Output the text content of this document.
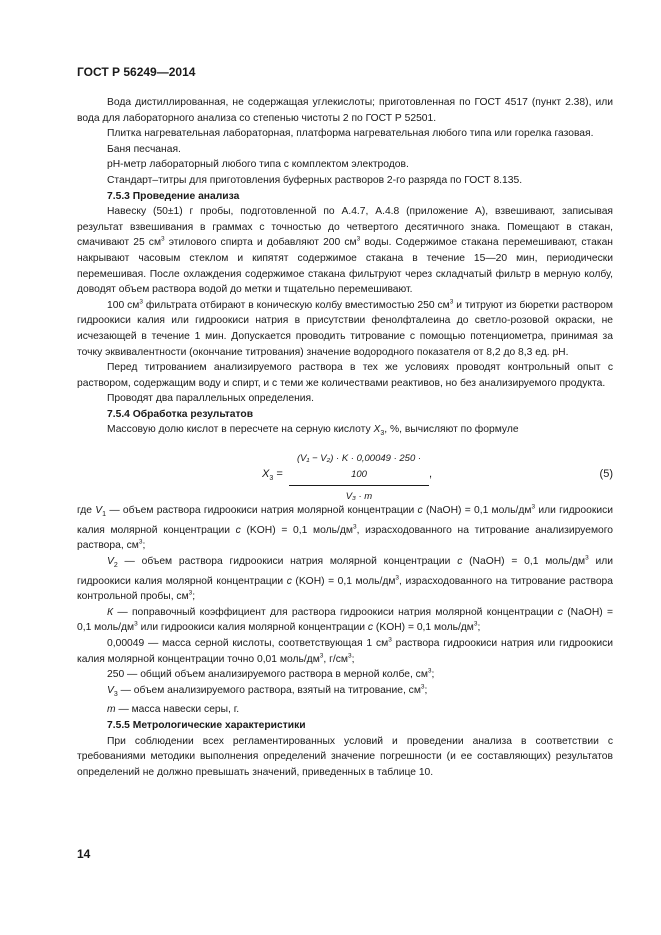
ГОСТ Р 56249—2014

Вода дистиллированная, не содержащая углекислоты; приготовленная по ГОСТ 4517 (пункт 2.38), или вода для лабораторного анализа со степенью чистоты 2 по ГОСТ Р 52501.

Плитка нагревательная лабораторная, платформа нагревательная любого типа или горелка газовая.

Баня песчаная.

pH-метр лабораторный любого типа с комплектом электродов.

Стандарт–титры для приготовления буферных растворов 2-го разряда по ГОСТ 8.135.

7.5.3 Проведение анализа

Навеску (50±1) г пробы, подготовленной по А.4.7, А.4.8 (приложение А), взвешивают, записывая результат взвешивания в граммах с точностью до четвертого десятичного знака. Помещают в стакан, смачивают 25 $см^3$ этилового спирта и добавляют 200 $см^3$ воды. Содержимое стакана перемешивают, стакан накрывают часовым стеклом и кипятят содержимое стакана в течение 15—20 мин, периодически перемешивая. После охлаждения содержимое стакана фильтруют через складчатый фильтр в мерную колбу, доводят объем раствора водой до метки и тщательно перемешивают.

100 $см^3$ фильтрата отбирают в коническую колбу вместимостью 250 $см^3$ и титруют из бюретки раствором гидроокиси калия или гидроокиси натрия в присутствии фенолфталеина до светло-розовой окраски, не исчезающей в течение 1 мин. Допускается проводить титрование с помощью потенциометра, принимая за точку эквивалентности (окончание титрования) значение водородного показателя от 8,2 до 8,3 ед. pH.

Перед титрованием анализируемого раствора в тех же условиях проводят контрольный опыт с раствором, содержащим воду и спирт, и с теми же количествами реактивов, но без анализируемого продукта.

Проводят два параллельных определения.

7.5.4 Обработка результатов

Массовую долю кислот в пересчете на серную кислоту $X_3$, %, вычисляют по формуле

$X_3$ =
(V₁ − V₂) · K · 0,00049 · 250 · 100
V₃ · m
,	(5)

где $V_1$ — объем раствора гидроокиси натрия молярной концентрации c (NaOH) = 0,1 моль/$дм^3$ или гидроокиси калия молярной концентрации c (KOH) = 0,1 моль/$дм^3$, израсходованного на титрование анализируемого раствора, $см^3$;

$V_2$ — объем раствора гидроокиси натрия молярной концентрации c (NaOH) = 0,1 моль/$дм^3$ или гидроокиси калия молярной концентрации c (KOH) = 0,1 моль/$дм^3$, израсходованного на титрование раствора контрольной пробы, $см^3$;

К — поправочный коэффициент для раствора гидроокиси натрия молярной концентрации c (NaOH) = 0,1 моль/$дм^3$ или гидроокиси калия молярной концентрации c (KOH) = 0,1 моль/$дм^3$;

0,00049 — масса серной кислоты, соответствующая 1 $см^3$ раствора гидроокиси натрия или гидроокиси калия молярной концентрации точно 0,01 моль/$дм^3$, $г/см^3$;

250 — общий объем анализируемого раствора в мерной колбе, $см^3$;

$V_3$ — объем анализируемого раствора, взятый на титрование, $см^3$;

m — масса навески серы, г.

7.5.5 Метрологические характеристики

При соблюдении всех регламентированных условий и проведении анализа в соответствии с требованиями методики выполнения определений значение погрешности (и ее составляющих) результатов определений не должно превышать значений, приведенных в таблице 10.

14
